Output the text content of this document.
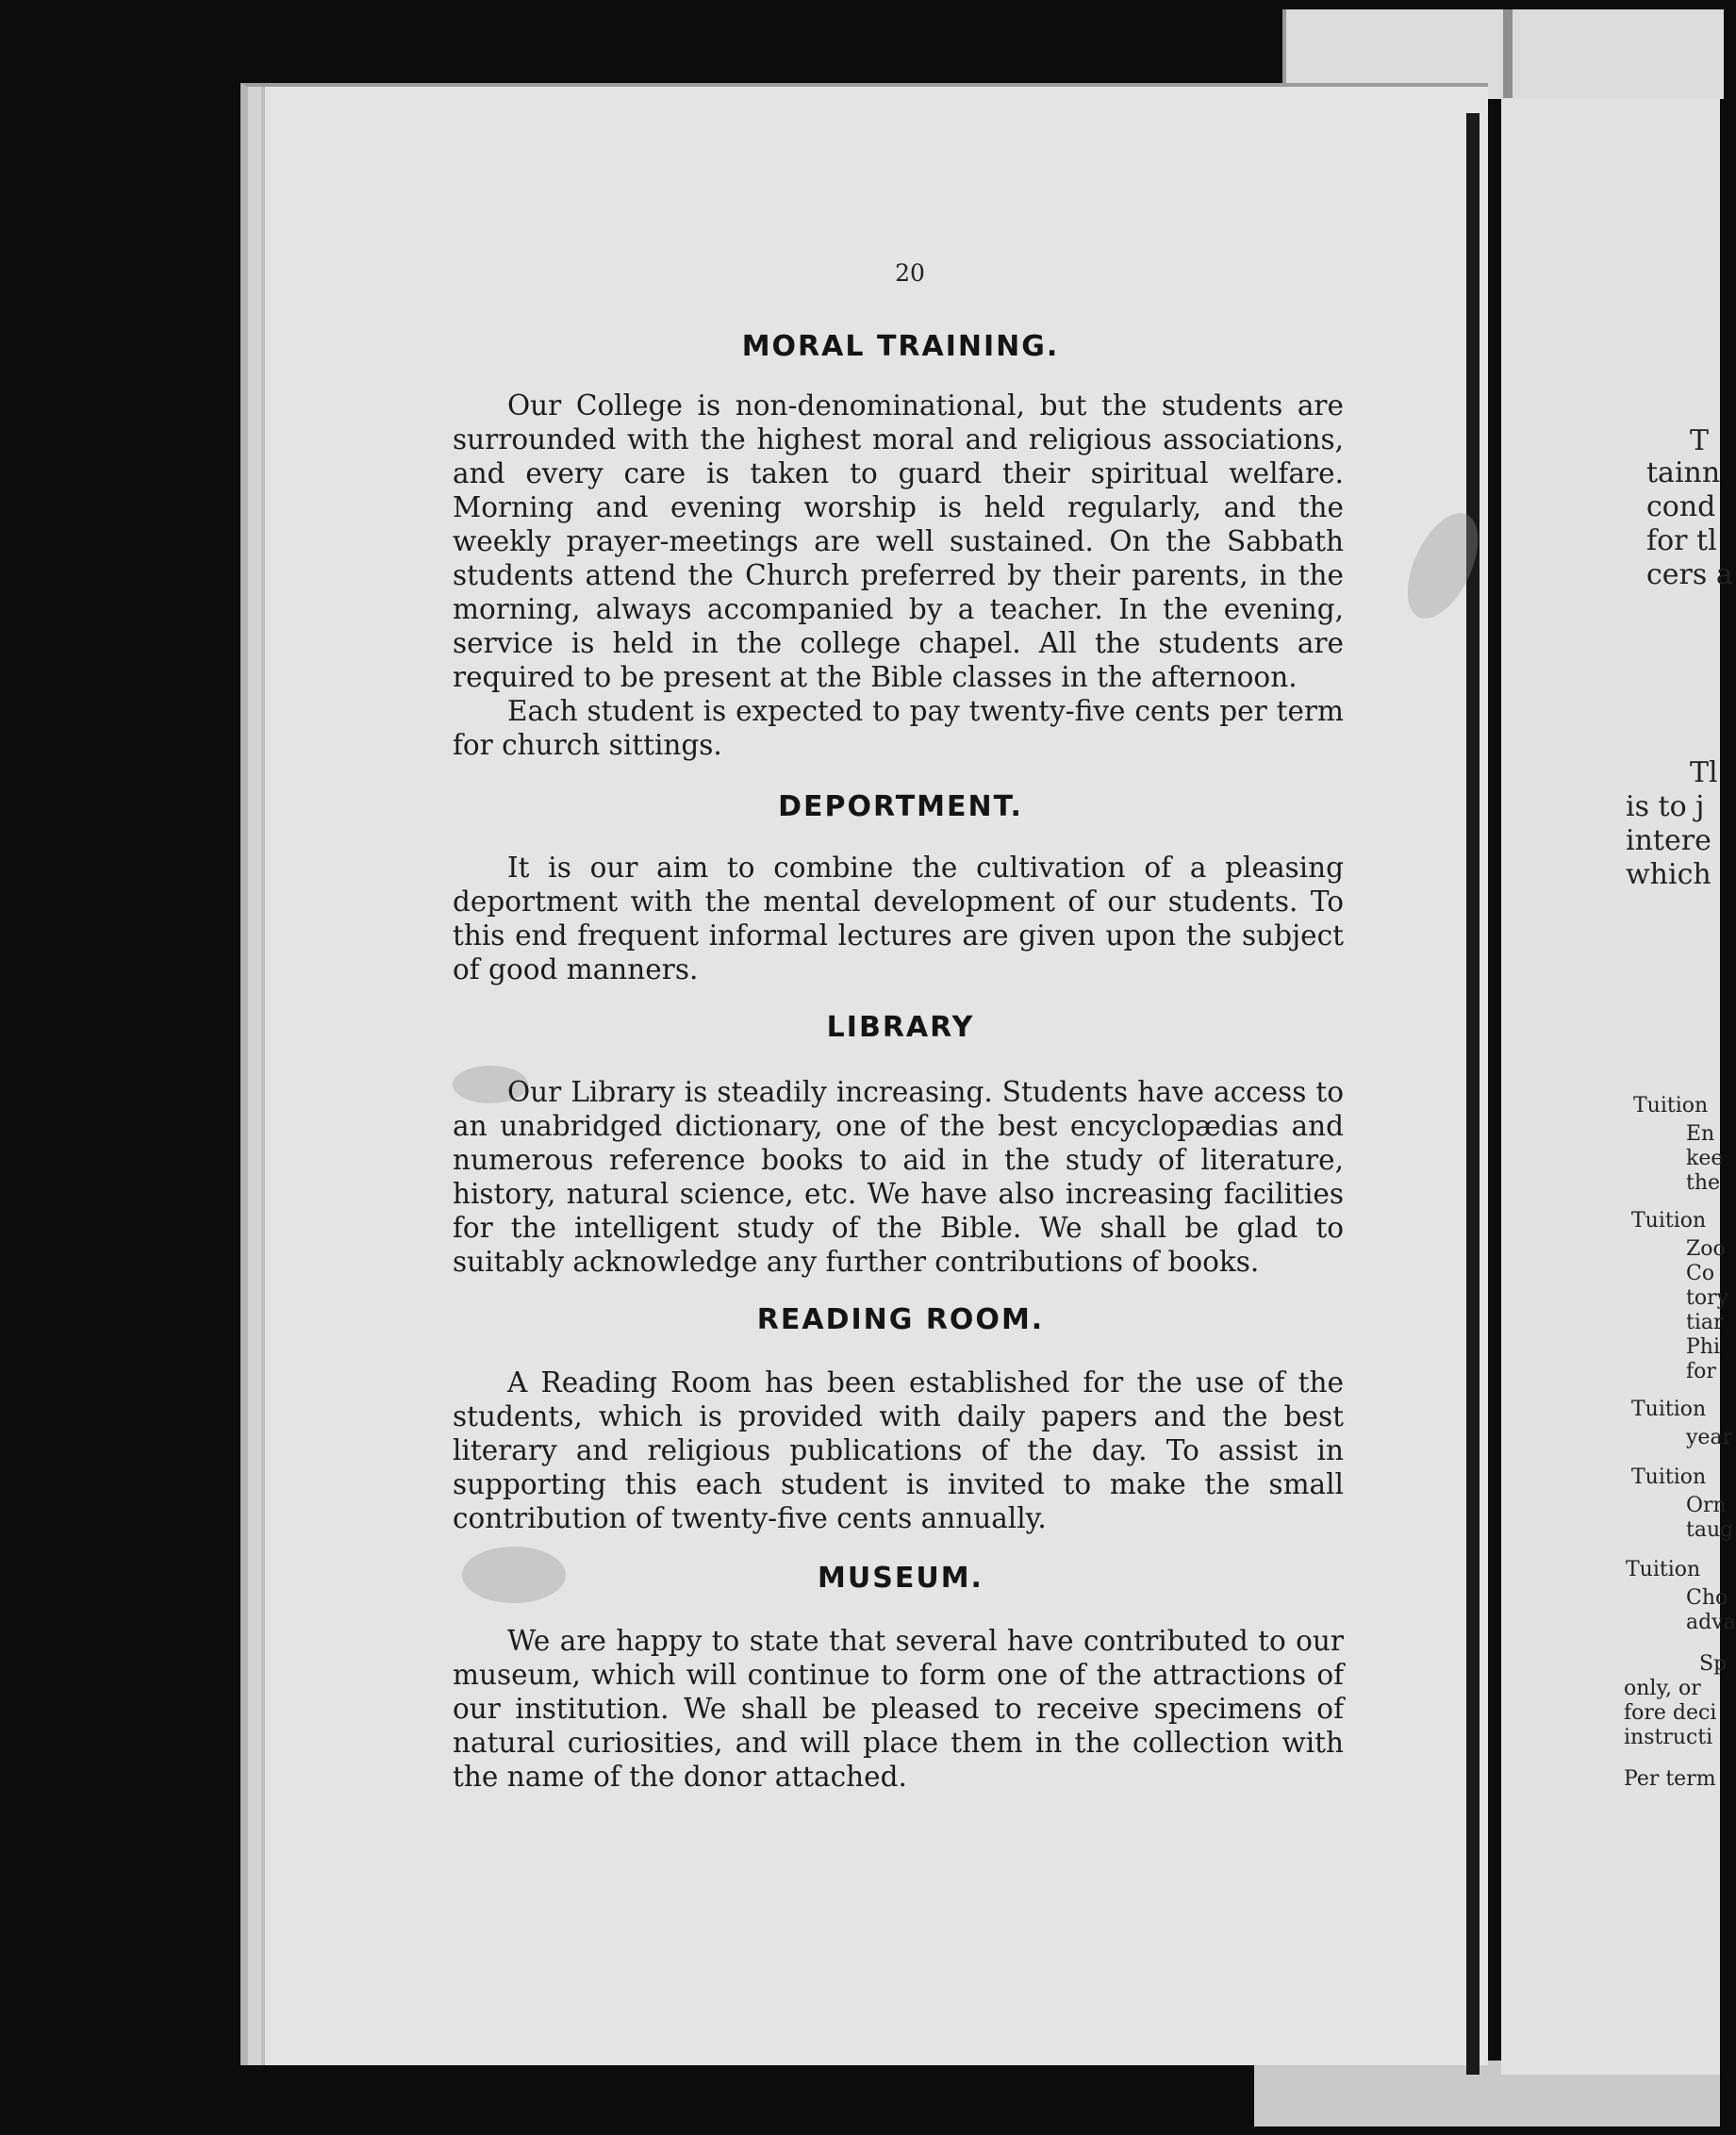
20
MORAL TRAINING.

Our College is non-denominational, but the students are surrounded with the highest moral and religious associations, and every care is taken to guard their spiritual welfare. Morning and evening worship is held regularly, and the weekly prayer-meetings are well sustained. On the Sabbath students attend the Church preferred by their parents, in the morning, always accompanied by a teacher. In the evening, service is held in the college chapel. All the students are required to be present at the Bible classes in the afternoon.

Each student is expected to pay twenty-five cents per term for church sittings.

DEPORTMENT.

It is our aim to combine the cultivation of a pleasing deportment with the mental development of our students. To this end frequent informal lectures are given upon the subject of good manners.

LIBRARY

Our Library is steadily increasing. Students have access to an unabridged dictionary, one of the best encyclopædias and numerous reference books to aid in the study of literature, history, natural science, etc. We have also increasing facilities for the intelligent study of the Bible. We shall be glad to suitably acknowledge any further contributions of books.

READING ROOM.

A Reading Room has been established for the use of the students, which is provided with daily papers and the best literary and religious publications of the day. To assist in supporting this each student is invited to make the small contribution of twenty-five cents annually.

MUSEUM.

We are happy to state that several have contributed to our museum, which will continue to form one of the attractions of our institution. We shall be pleased to receive specimens of natural curiosities, and will place them in the collection with the name of the donor attached.

T
tainn
cond
for tl
cers a
Tl
is to j
intere
which
Tuition
En
kee
the
Tuition
Zoo
Co
tory
tiar
Phi
for
Tuition
year
Tuition
Orn
taug
Tuition
Cho
adva
Sp
only, or
fore deci
instructi
Per term
